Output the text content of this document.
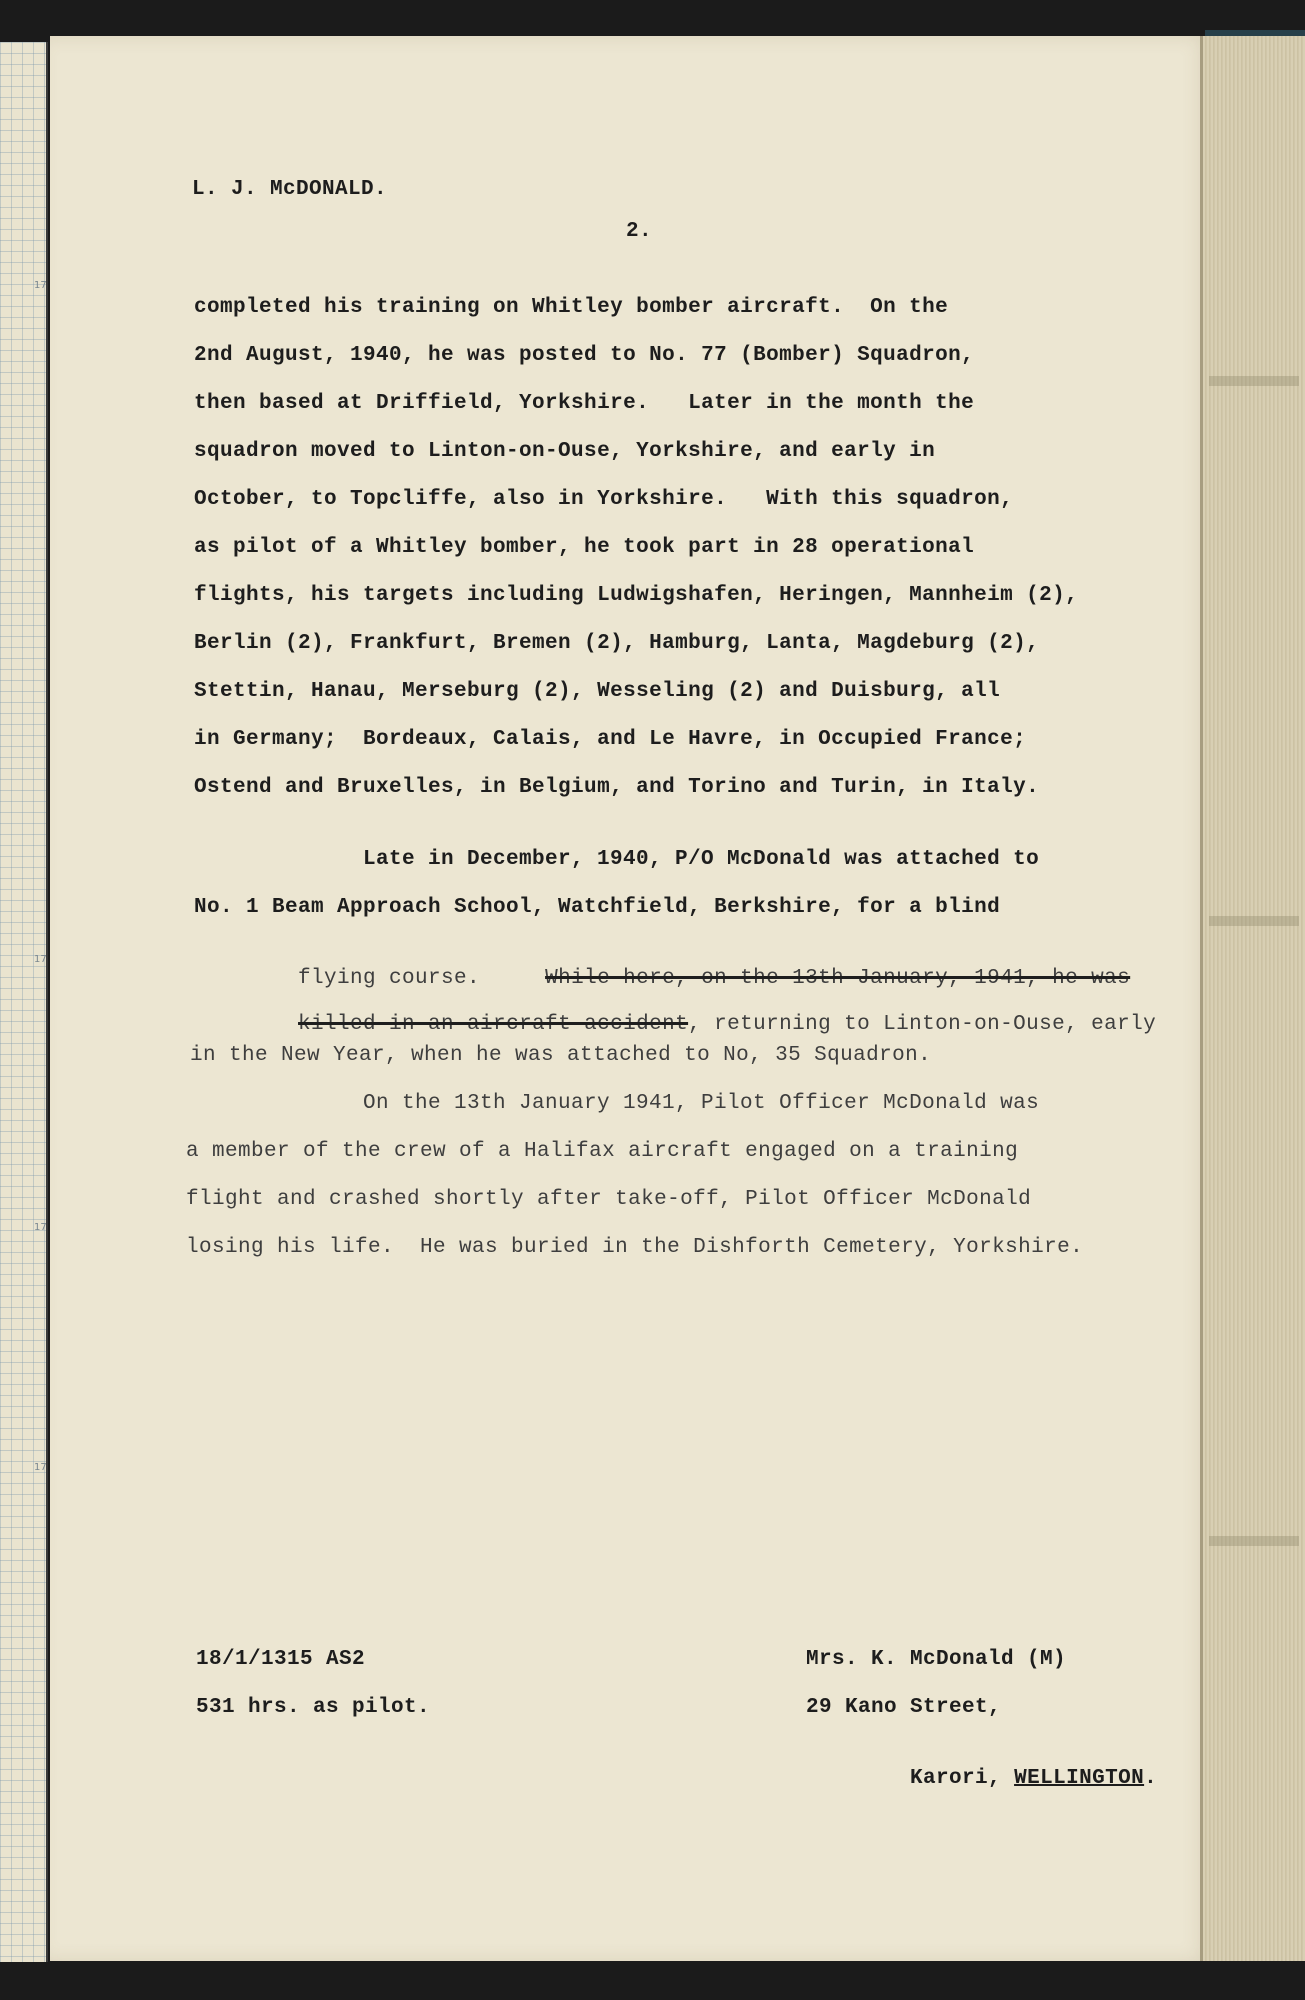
17
17
17
17
L. J. McDONALD.
2.
completed his training on Whitley bomber aircraft.  On the
2nd August, 1940, he was posted to No. 77 (Bomber) Squadron,
then based at Driffield, Yorkshire.   Later in the month the
squadron moved to Linton-on-Ouse, Yorkshire, and early in
October, to Topcliffe, also in Yorkshire.   With this squadron,
as pilot of a Whitley bomber, he took part in 28 operational
flights, his targets including Ludwigshafen, Heringen, Mannheim (2),
Berlin (2), Frankfurt, Bremen (2), Hamburg, Lanta, Magdeburg (2),
Stettin, Hanau, Merseburg (2), Wesseling (2) and Duisburg, all
in Germany;  Bordeaux, Calais, and Le Havre, in Occupied France;
Ostend and Bruxelles, in Belgium, and Torino and Turin, in Italy.
Late in December, 1940, P/O McDonald was attached to
No. 1 Beam Approach School, Watchfield, Berkshire, for a blind

flying course.	While here, on the 13th January, 1941, he was

killed in an aircraft accident, returning to Linton-on-Ouse, early

in the New Year, when he was attached to No, 35 Squadron.
On the 13th January 1941, Pilot Officer McDonald was
a member of the crew of a Halifax aircraft engaged on a training
flight and crashed shortly after take-off, Pilot Officer McDonald
losing his life.  He was buried in the Dishforth Cemetery, Yorkshire.
18/1/1315 AS2
531 hrs. as pilot.
Mrs. K. McDonald (M)
29 Kano Street,

Karori, WELLINGTON.
